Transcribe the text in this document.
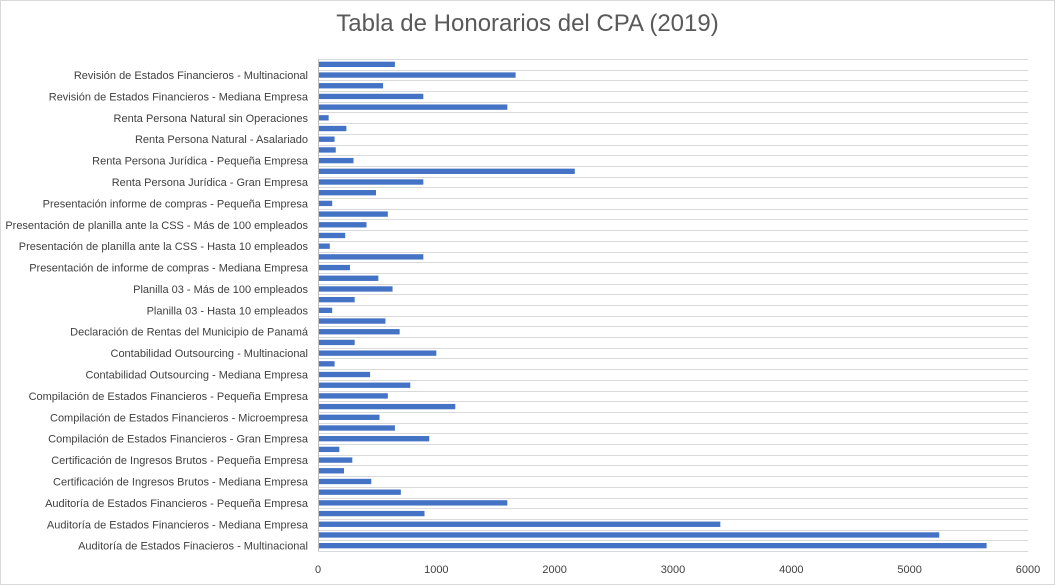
Tabla de Honorarios del CPA (2019)
0	1000	2000	3000	4000	5000	6000
Auditoría de Estados Finacieros - Multinacional
Auditoría de Estados Financieros - Mediana Empresa
Auditoría de Estados Financieros - Pequeña Empresa
Certificación de Ingresos Brutos - Mediana Empresa
Certificación de Ingresos Brutos - Pequeña Empresa
Compilación de Estados Financieros - Gran Empresa
Compilación de Estados Financieros - Microempresa
Compilación de Estados Financieros - Pequeña Empresa
Contabilidad Outsourcing - Mediana Empresa
Contabilidad Outsourcing - Multinacional
Declaración de Rentas del Municipio de Panamá
Planilla 03 - Hasta 10 empleados
Planilla 03 - Más de 100 empleados
Presentación de informe de compras - Mediana Empresa
Presentación de planilla ante la CSS - Hasta 10 empleados
Presentación de planilla ante la CSS - Más de 100 empleados
Presentación informe de compras - Pequeña Empresa
Renta Persona Jurídica - Gran Empresa
Renta Persona Jurídica - Pequeña Empresa
Renta Persona Natural - Asalariado
Renta Persona Natural sin Operaciones
Revisión de Estados Financieros - Mediana Empresa
Revisión de Estados Financieros - Multinacional
